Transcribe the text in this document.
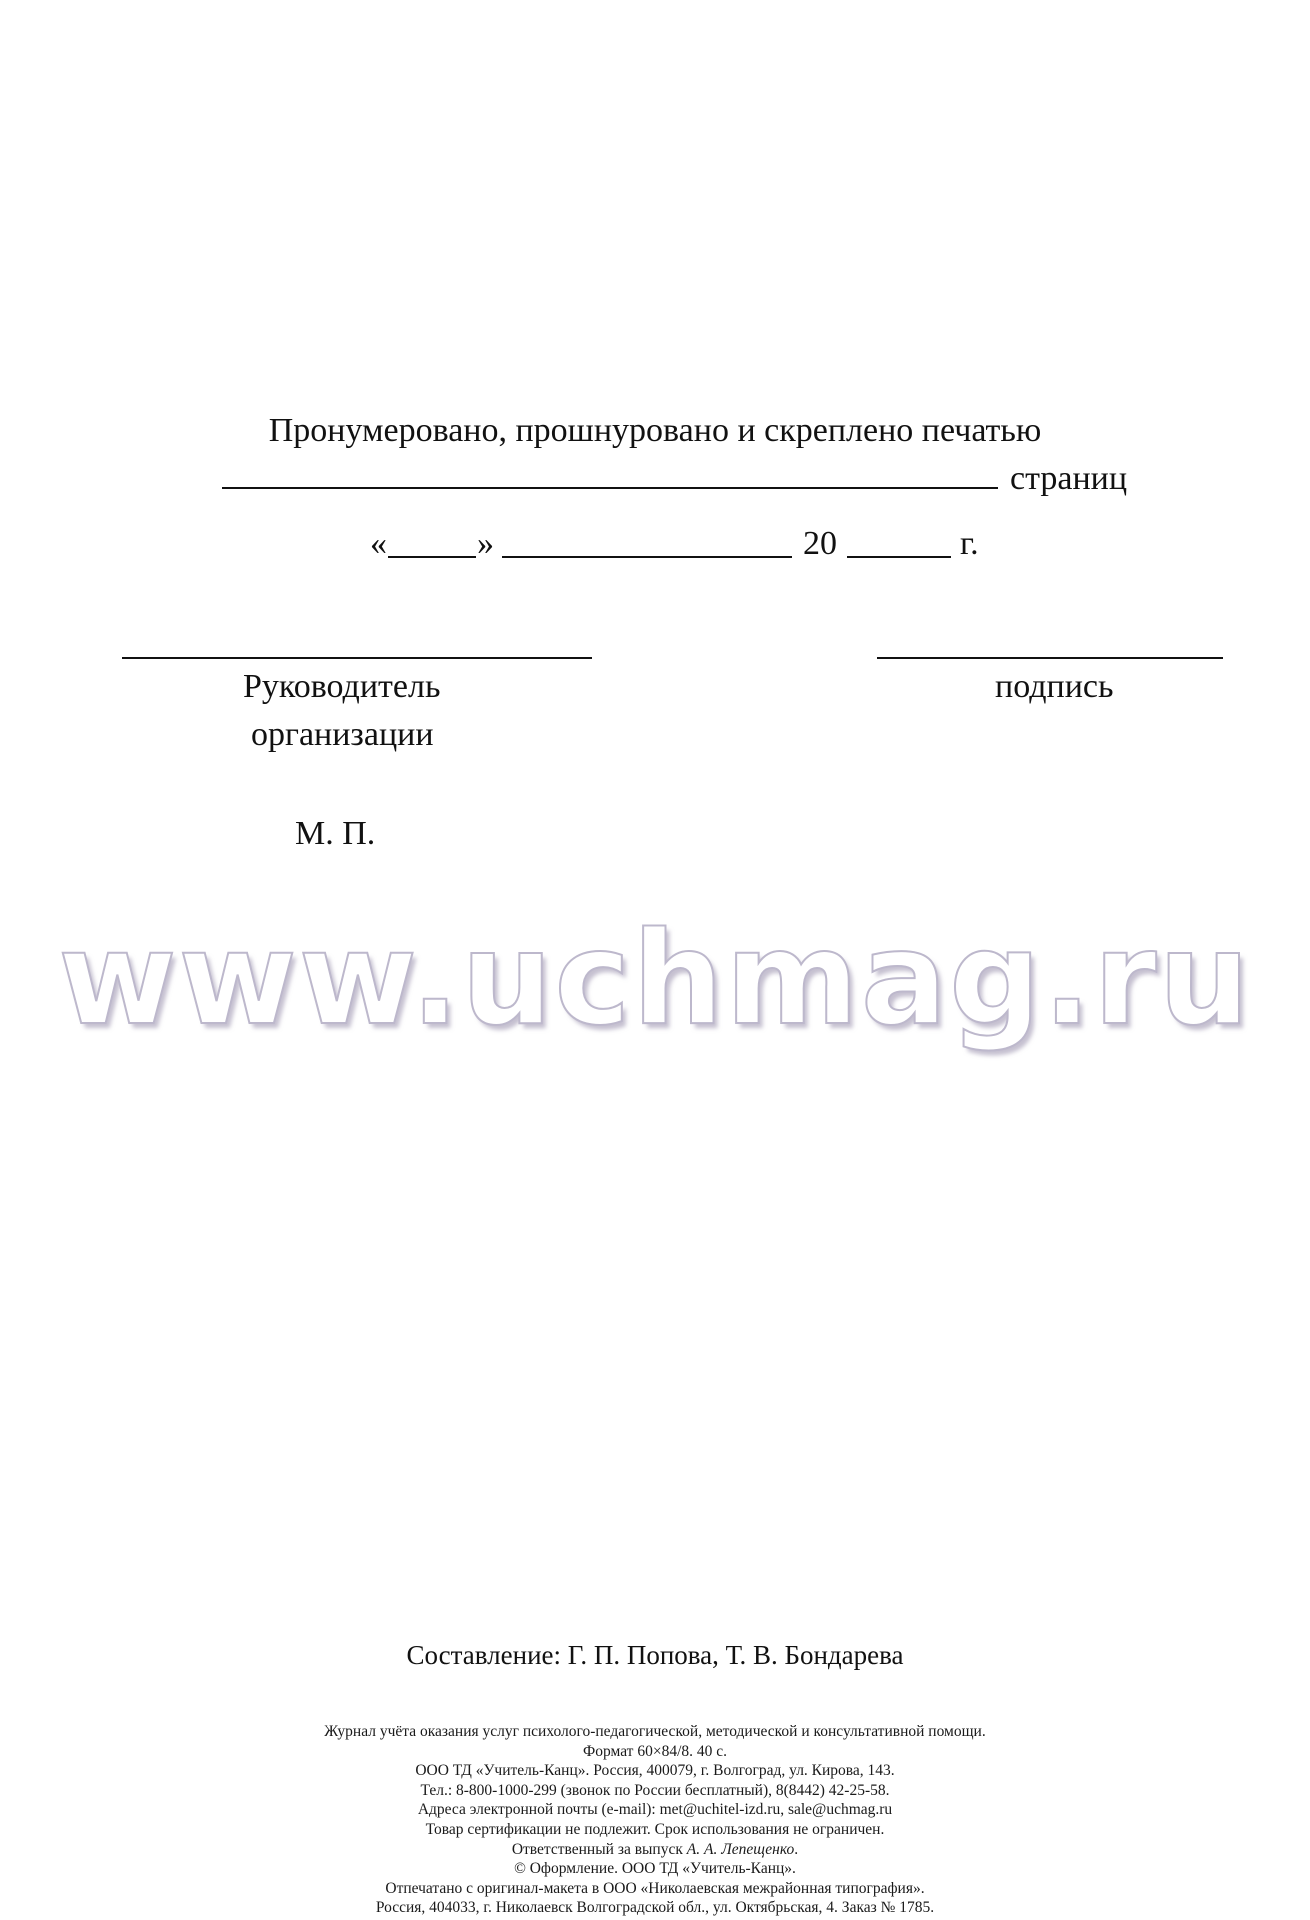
Пронумеровано, прошнуровано и скреплено печатью
страниц
«	»	20	г.
Руководитель
организации
подпись
М. П.
www.uchmag.ru
Составление: Г. П. Попова, Т. В. Бондарева
Журнал учёта оказания услуг психолого-педагогической, методической и консультативной помощи.
Формат 60×84/8. 40 с.
ООО ТД «Учитель-Канц». Россия, 400079, г. Волгоград, ул. Кирова, 143.
Тел.: 8-800-1000-299 (звонок по России бесплатный), 8(8442) 42-25-58.
Адреса электронной почты (e-mail): met@uchitel-izd.ru, sale@uchmag.ru
Товар сертификации не подлежит. Срок использования не ограничен.
Ответственный за выпуск А. А. Лепещенко.
© Оформление. ООО ТД «Учитель-Канц».
Отпечатано с оригинал-макета в ООО «Николаевская межрайонная типография».
Россия, 404033, г. Николаевск Волгоградской обл., ул. Октябрьская, 4. Заказ № 1785.
